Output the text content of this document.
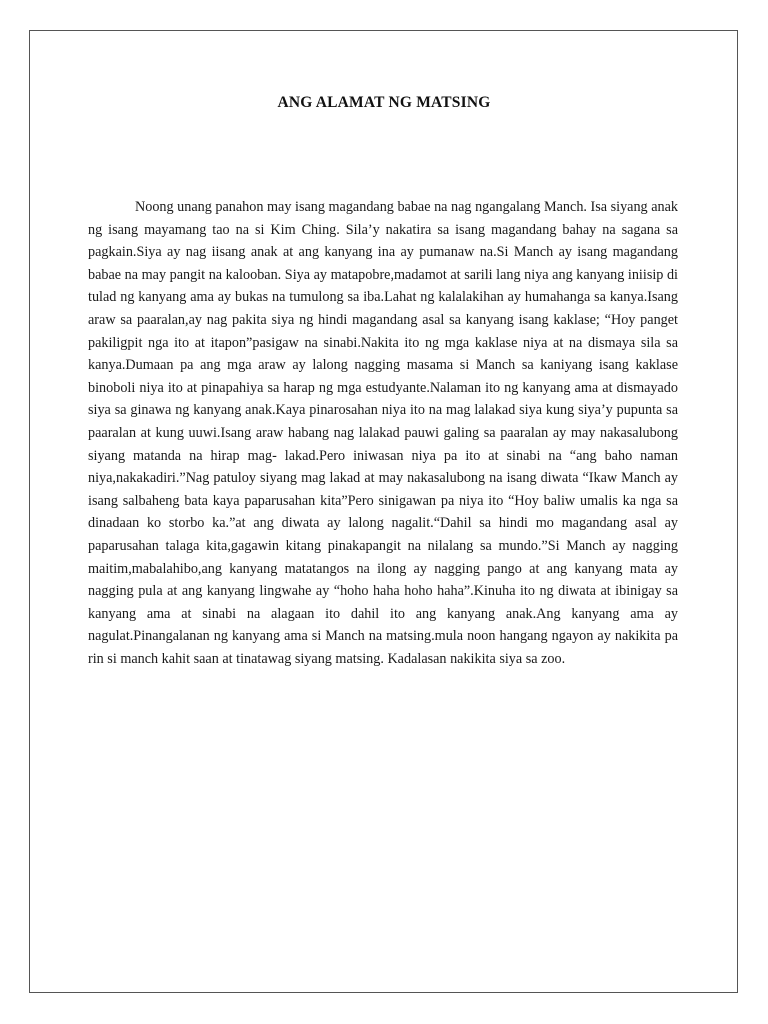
ANG ALAMAT NG MATSING

Noong unang panahon may isang magandang babae na nag ngangalang Manch. Isa siyang anak ng isang mayamang tao na si Kim Ching. Sila’y nakatira sa isang magandang bahay na sagana sa pagkain.Siya ay nag iisang anak at ang kanyang ina ay pumanaw na.Si Manch ay isang magandang babae na may pangit na kalooban. Siya ay matapobre,madamot at sarili lang niya ang kanyang iniisip di tulad ng kanyang ama ay bukas na tumulong sa iba.Lahat ng kalalakihan ay humahanga sa kanya.Isang araw sa paaralan,ay nag pakita siya ng hindi magandang asal sa kanyang isang kaklase; “Hoy panget pakiligpit nga ito at itapon”pasigaw na sinabi.Nakita ito ng mga kaklase niya at na dismaya sila sa kanya.Dumaan pa ang mga araw ay lalong nagging masama si Manch sa kaniyang isang kaklase binoboli niya ito at pinapahiya sa harap ng mga estudyante.Nalaman ito ng kanyang ama at dismayado siya sa ginawa ng kanyang anak.Kaya pinarosahan niya ito na mag lalakad siya kung siya’y pupunta sa paaralan at kung uuwi.Isang araw habang nag lalakad pauwi galing sa paaralan ay may nakasalubong siyang matanda na hirap mag- lakad.Pero iniwasan niya pa ito at sinabi na “ang baho naman niya,nakakadiri.”Nag patuloy siyang mag lakad at may nakasalubong na isang diwata “Ikaw Manch ay isang salbaheng bata kaya paparusahan kita”Pero sinigawan pa niya ito “Hoy baliw umalis ka nga sa dinadaan ko storbo ka.”at ang diwata ay lalong nagalit.“Dahil sa hindi mo magandang asal ay paparusahan talaga kita,gagawin kitang pinakapangit na nilalang sa mundo.”Si Manch ay nagging maitim,mabalahibo,ang kanyang matatangos na ilong ay nagging pango at ang kanyang mata ay nagging pula at ang kanyang lingwahe ay “hoho haha hoho haha”.Kinuha ito ng diwata at ibinigay sa kanyang ama at sinabi na alagaan ito dahil ito ang kanyang anak.Ang kanyang ama ay nagulat.Pinangalanan ng kanyang ama si Manch na matsing.mula noon hangang ngayon ay nakikita pa rin si manch kahit saan at tinatawag siyang matsing. Kadalasan nakikita siya sa zoo.
